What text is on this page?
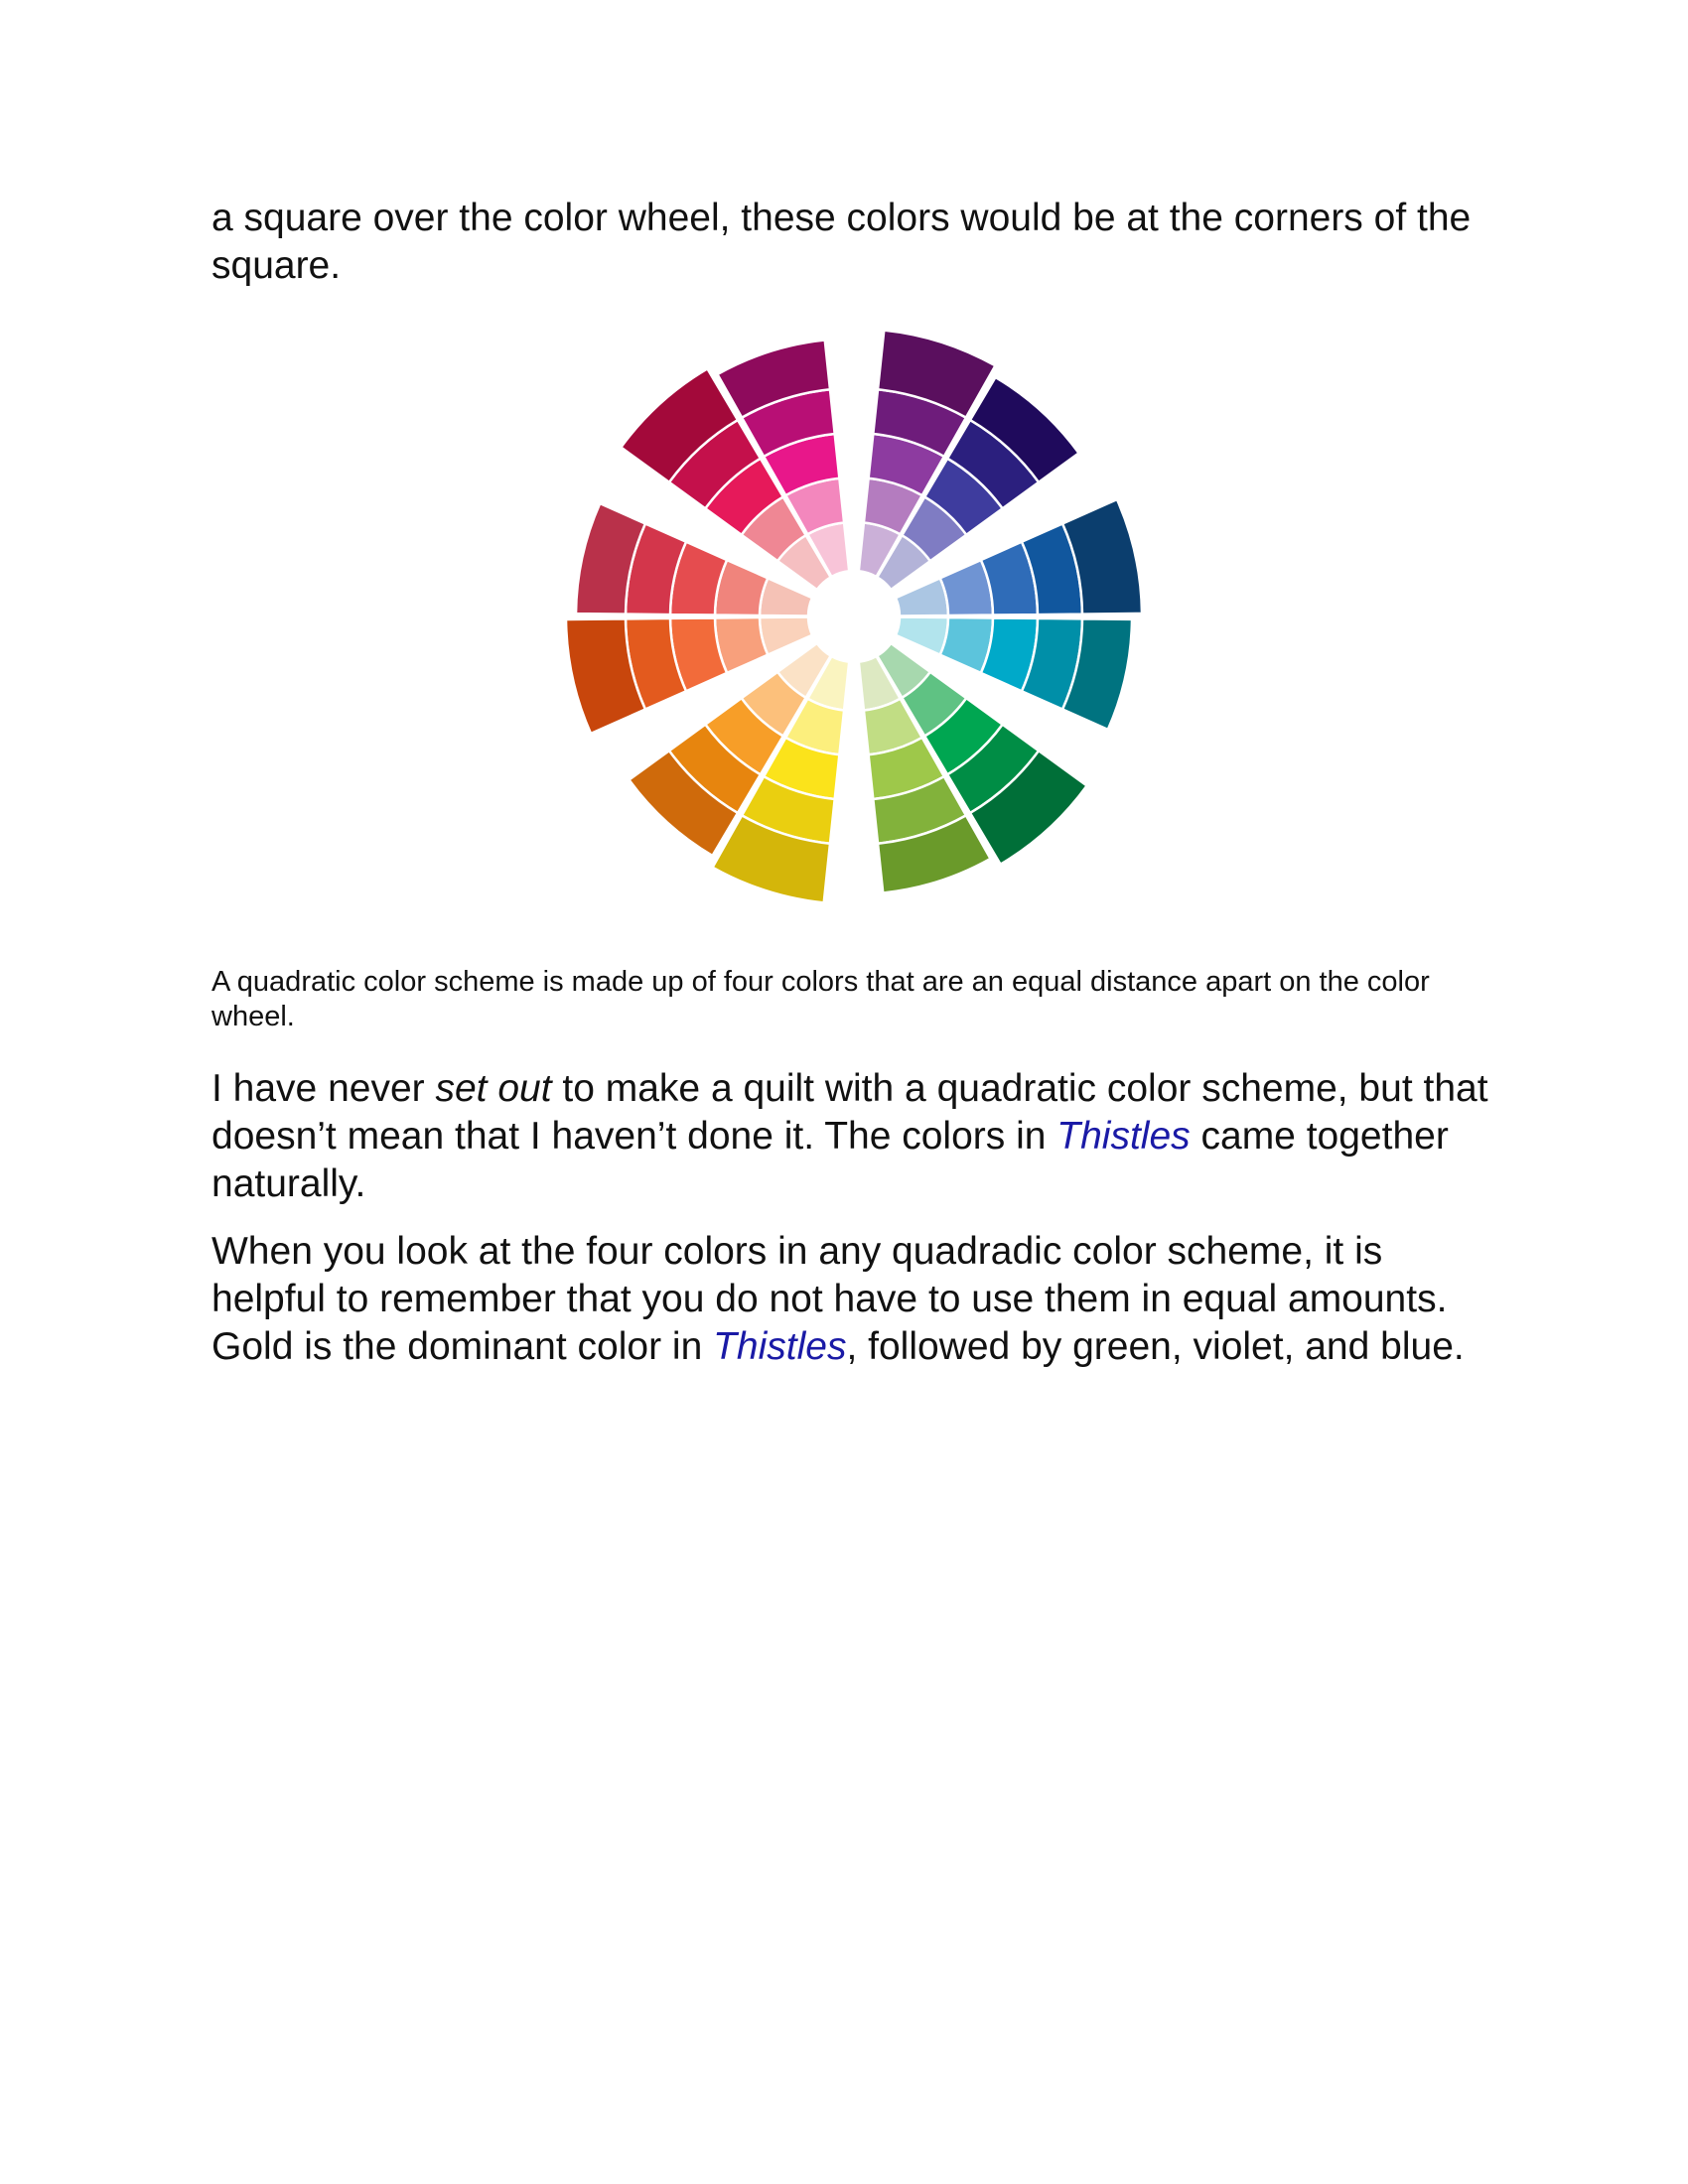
a square over the color wheel, these colors would be at the corners of the square.

A quadratic color scheme is made up of four colors that are an equal distance apart on the color wheel.

I have never set out to make a quilt with a quadratic color scheme, but that doesn’t mean that I haven’t done it. The colors in Thistles came together naturally.

When you look at the four colors in any quadradic color scheme, it is helpful to remember that you do not have to use them in equal amounts. Gold is the dominant color in Thistles, followed by green, violet, and blue.
